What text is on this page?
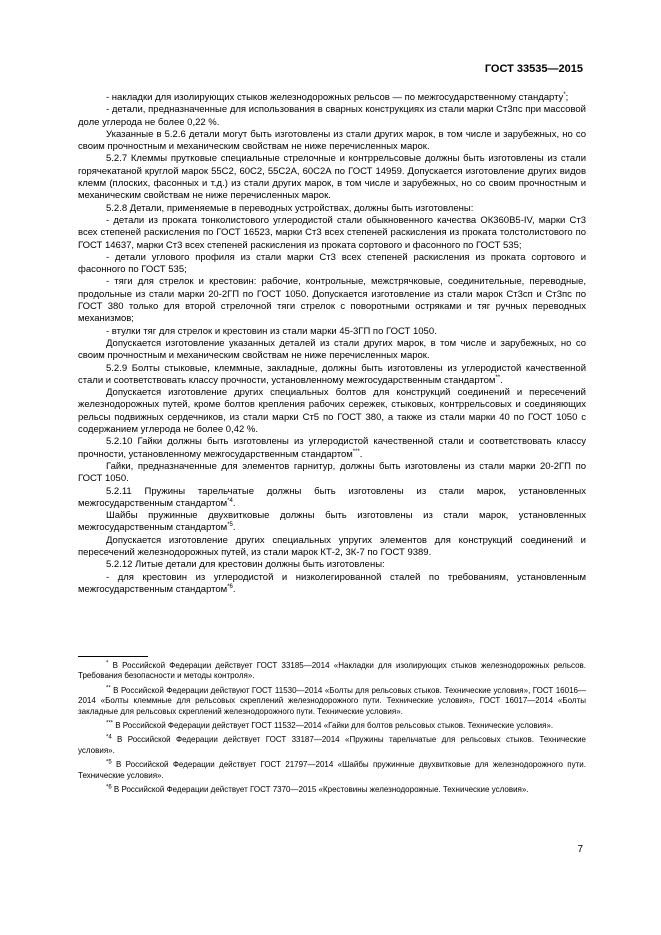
ГОСТ 33535—2015

- накладки для изолирующих стыков железнодорожных рельсов — по межгосударственному стандарту*;

- детали, предназначенные для использования в сварных конструкциях из стали марки Ст3пс при массовой доле углерода не более 0,22 %.

Указанные в 5.2.6 детали могут быть изготовлены из стали других марок, в том числе и зарубежных, но со своим прочностным и механическим свойствам не ниже перечисленных марок.

5.2.7 Клеммы прутковые специальные стрелочные и контррельсовые должны быть изготовлены из стали горячекатаной круглой марок 55С2, 60С2, 55С2А, 60С2А по ГОСТ 14959. Допускается изготовление других видов клемм (плоских, фасонных и т.д.) из стали других марок, в том числе и зарубежных, но со своим прочностным и механическим свойствам не ниже перечисленных марок.

5.2.8 Детали, применяемые в переводных устройствах, должны быть изготовлены:

- детали из проката тонколистового углеродистой стали обыкновенного качества ОК360В5-IV, марки Ст3 всех степеней раскисления по ГОСТ 16523, марки Ст3 всех степеней раскисления из проката толстолистового по ГОСТ 14637, марки Ст3 всех степеней раскисления из проката сортового и фасонного по ГОСТ 535;

- детали углового профиля из стали марки Ст3 всех степеней раскисления из проката сортового и фасонного по ГОСТ 535;

- тяги для стрелок и крестовин: рабочие, контрольные, межстрячковые, соединительные, переводные, продольные из стали марки 20-2ГП по ГОСТ 1050. Допускается изготовление из стали марок Ст3сп и Ст3пс по ГОСТ 380 только для второй стрелочной тяги стрелок с поворотными остряками и тяг ручных переводных механизмов;

- втулки тяг для стрелок и крестовин из стали марки 45-3ГП по ГОСТ 1050.

Допускается изготовление указанных деталей из стали других марок, в том числе и зарубежных, но со своим прочностным и механическим свойствам не ниже перечисленных марок.

5.2.9 Болты стыковые, клеммные, закладные, должны быть изготовлены из углеродистой качественной стали и соответствовать классу прочности, установленному межгосударственным стандартом**.

Допускается изготовление других специальных болтов для конструкций соединений и пересечений железнодорожных путей, кроме болтов крепления рабочих сережек, стыковых, контррельсовых и соединяющих рельсы подвижных сердечников, из стали марки Ст5 по ГОСТ 380, а также из стали марки 40 по ГОСТ 1050 с содержанием углерода не более 0,42 %.

5.2.10 Гайки должны быть изготовлены из углеродистой качественной стали и соответствовать классу прочности, установленному межгосударственным стандартом***.

Гайки, предназначенные для элементов гарнитур, должны быть изготовлены из стали марки 20-2ГП по ГОСТ 1050.

5.2.11 Пружины тарельчатые должны быть изготовлены из стали марок, установленных межгосударственным стандартом$^{*4}$.

Шайбы пружинные двухвитковые должны быть изготовлены из стали марок, установленных межгосударственным стандартом$^{*5}$.

Допускается изготовление других специальных упругих элементов для конструкций соединений и пересечений железнодорожных путей, из стали марок КТ-2, 3К-7 по ГОСТ 9389.

5.2.12 Литые детали для крестовин должны быть изготовлены:

- для крестовин из углеродистой и низколегированной сталей по требованиям, установленным межгосударственным стандартом$^{*6}$.

* В Российской Федерации действует ГОСТ 33185—2014 «Накладки для изолирующих стыков железнодорожных рельсов. Требования безопасности и методы контроля».

** В Российской Федерации действуют ГОСТ 11530—2014 «Болты для рельсовых стыков. Технические условия», ГОСТ 16016—2014 «Болты клеммные для рельсовых скреплений железнодорожного пути. Технические условия», ГОСТ 16017—2014 «Болты закладные для рельсовых скреплений железнодорожного пути. Технические условия».

*** В Российской Федерации действует ГОСТ 11532—2014 «Гайки для болтов рельсовых стыков. Технические условия».

$^{*4}$ В Российской Федерации действует ГОСТ 33187—2014 «Пружины тарельчатые для рельсовых стыков. Технические условия».

$^{*5}$ В Российской Федерации действует ГОСТ 21797—2014 «Шайбы пружинные двухвитковые для железнодорожного пути. Технические условия».

$^{*6}$ В Российской Федерации действует ГОСТ 7370—2015 «Крестовины железнодорожные. Технические условия».

7
